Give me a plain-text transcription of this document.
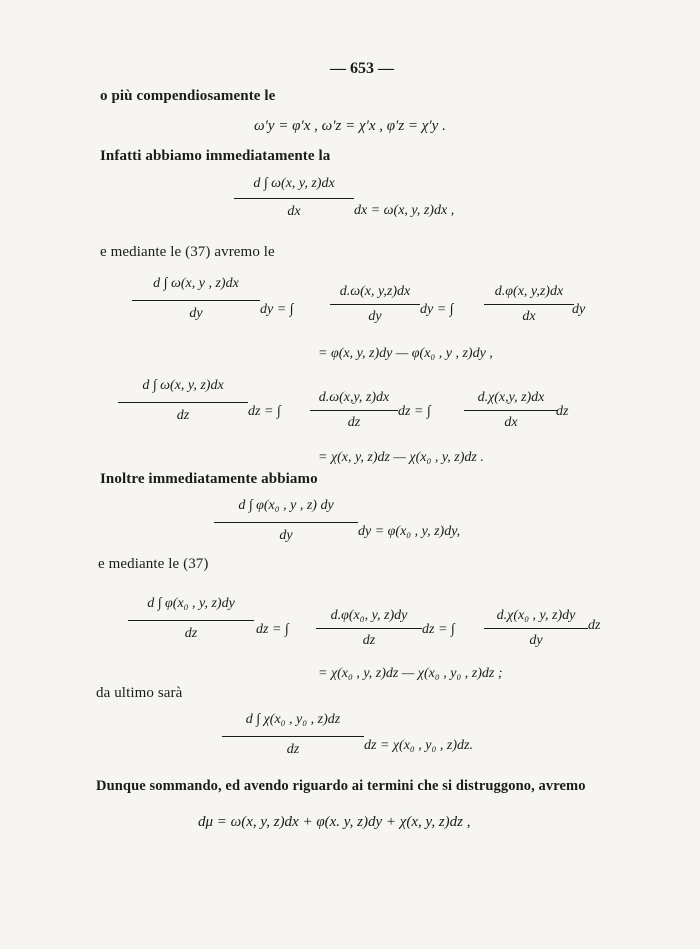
— 653 —
o più compendiosamente le
ω′y = φ′x , ω′z = χ′x , φ′z = χ′y .
Infatti abbiamo immediatamente la
d ∫ ω(x, y, z)dx
dx	dx = ω(x, y, z)dx ,
e mediante le (37) avremo le
d ∫ ω(x, y , z)dx
dy	dy = ∫
d.ω(x, y,z)dx
dy	dy = ∫
d.φ(x, y,z)dx
dx	dy
= φ(x, y, z)dy — φ(x₀ , y , z)dy ,
d ∫ ω(x, y, z)dx
dz	dz = ∫
d.ω(x,y, z)dx
dz
dz = ∫
d.χ(x,y, z)dx
dx
dz
= χ(x, y, z)dz — χ(x₀ , y, z)dz .
Inoltre immediatamente abbiamo
d ∫ φ(x₀ , y , z) dy
dy	dy = φ(x₀ , y, z)dy,
e mediante le (37)
d ∫ φ(x₀ , y, z)dy
dz	dz = ∫
d.φ(x₀, y, z)dy
dz
dz = ∫
d.χ(x₀ , y, z)dy
dy
dz
= χ(x₀ , y, z)dz — χ(x₀ , y₀ , z)dz ;
da ultimo sarà
d ∫ χ(x₀ , y₀ , z)dz
dz	dz = χ(x₀ , y₀ , z)dz.
Dunque sommando, ed avendo riguardo ai termini che si distruggono, avremo
dμ = ω(x, y, z)dx + φ(x. y, z)dy + χ(x, y, z)dz ,
